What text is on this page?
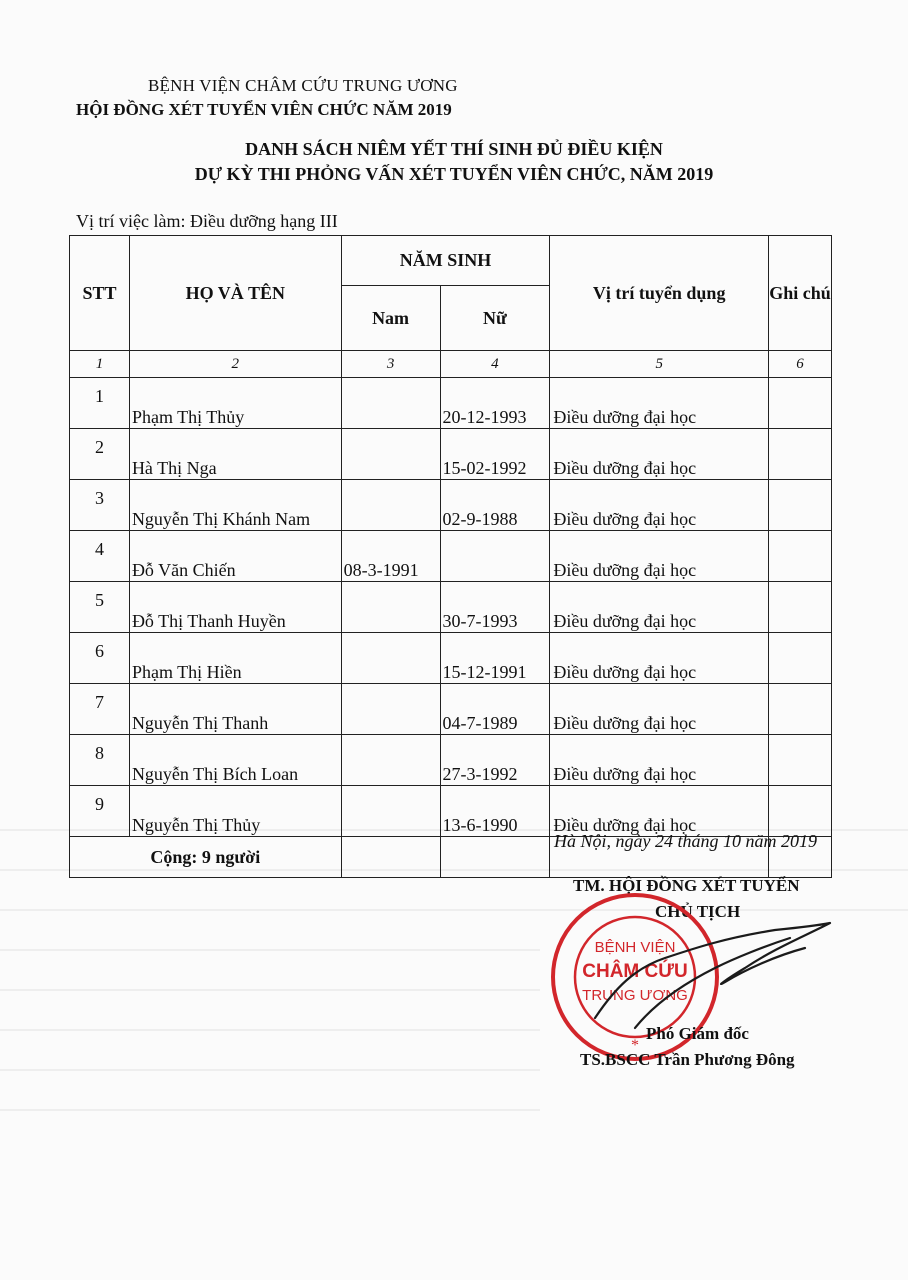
BỆNH VIỆN CHÂM CỨU TRUNG ƯƠNG
HỘI ĐỒNG XÉT TUYỂN VIÊN CHỨC NĂM 2019
DANH SÁCH NIÊM YẾT THÍ SINH ĐỦ ĐIỀU KIỆN
DỰ KỲ THI PHỎNG VẤN XÉT TUYỂN VIÊN CHỨC, NĂM 2019
Vị trí việc làm: Điều dưỡng hạng III
STT	HỌ VÀ TÊN	NĂM SINH		Vị trí tuyển dụng	Ghi chú
		Nam	Nữ		
1	2	3	4	5	6
1	Phạm Thị Thủy		20-12-1993	Điều dưỡng đại học	
2	Hà Thị Nga		15-02-1992	Điều dưỡng đại học	
3	Nguyễn Thị Khánh Nam		02-9-1988	Điều dưỡng đại học	
4	Đỗ Văn Chiến	08-3-1991		Điều dưỡng đại học	
5	Đỗ Thị Thanh Huyền		30-7-1993	Điều dưỡng đại học	
6	Phạm Thị Hiền		15-12-1991	Điều dưỡng đại học	
7	Nguyễn Thị Thanh		04-7-1989	Điều dưỡng đại học	
8	Nguyễn Thị Bích Loan		27-3-1992	Điều dưỡng đại học	
9	Nguyễn Thị Thủy		13-6-1990	Điều dưỡng đại học	
Cộng: 9 người					
Hà Nội, ngày 24 tháng 10 năm 2019
TM. HỘI ĐỒNG XÉT TUYỂN
CHỦ TỊCH
BỆNH VIỆN
CHÂM CỨU
TRUNG ƯƠNG
*
Phó Giám đốc
TS.BSCC Trần Phương Đông
